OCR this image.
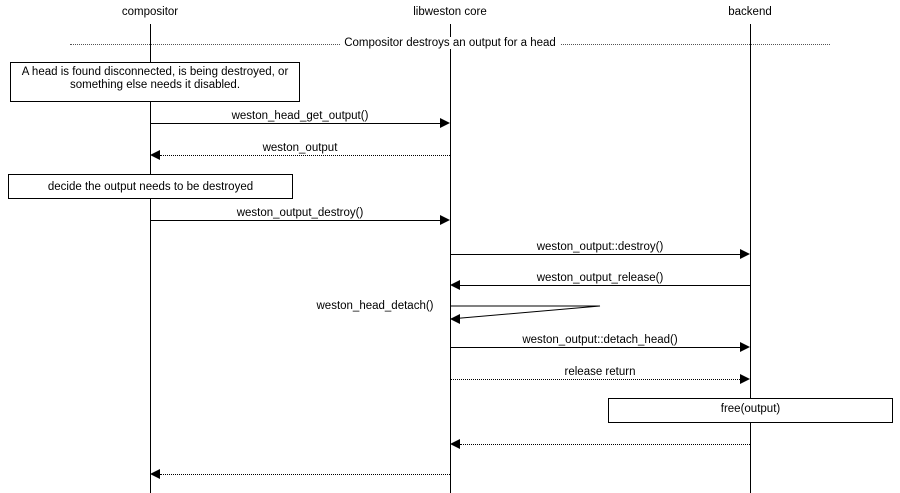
compositor	libweston core	backend
Compositor destroys an output for a head
A head is found disconnected, is being destroyed, or something else needs it disabled.
decide the output needs to be destroyed
weston_head_get_output()
weston_output
weston_output_destroy()
weston_output::destroy()
weston_output_release()
weston_head_detach()
weston_output::detach_head()
release return
free(output)
